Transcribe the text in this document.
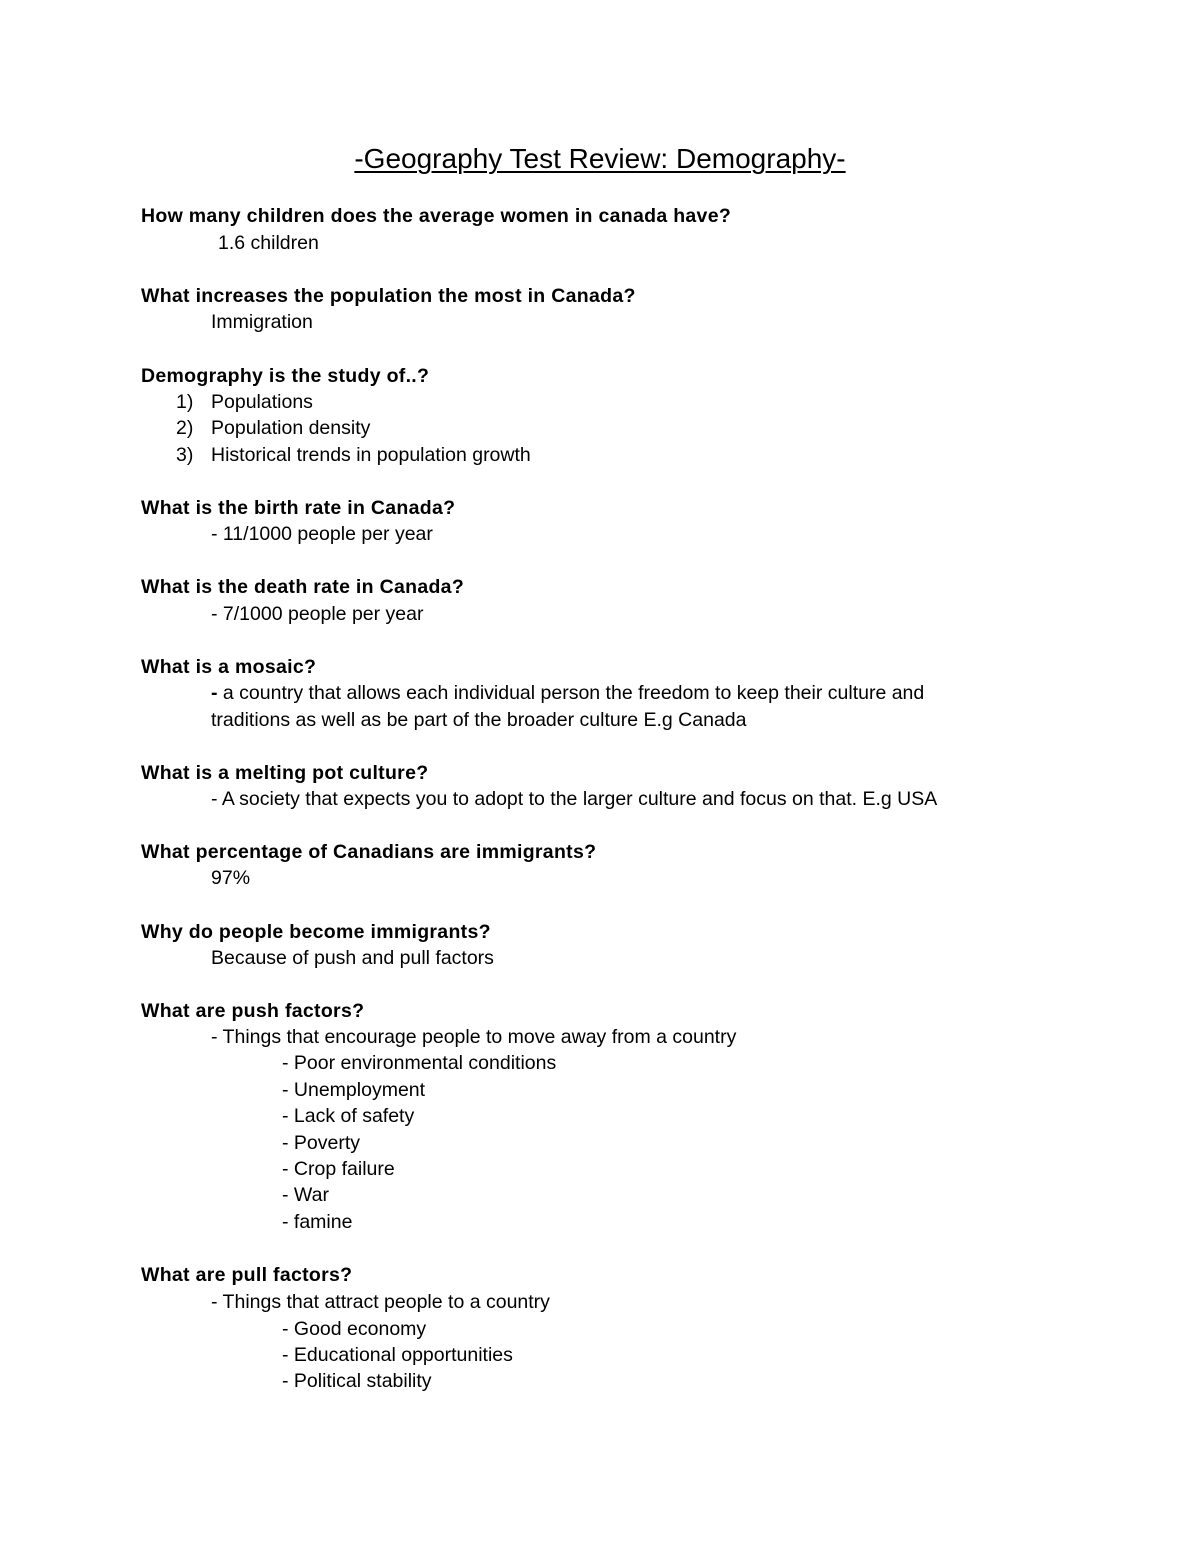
-Geography Test Review: Demography-
How many children does the average women in canada have?
1.6 children
What increases the population the most in Canada?
Immigration
Demography is the study of..?
1) Populations
2) Population density
3) Historical trends in population growth
What is the birth rate in Canada?
- 11/1000 people per year
What is the death rate in Canada?
- 7/1000 people per year
What is a mosaic?
- a country that allows each individual person the freedom to keep their culture and
traditions as well as be part of the broader culture E.g Canada
What is a melting pot culture?
- A society that expects you to adopt to the larger culture and focus on that. E.g USA
What percentage of Canadians are immigrants?
97%
Why do people become immigrants?
Because of push and pull factors
What are push factors?
- Things that encourage people to move away from a country
- Poor environmental conditions
- Unemployment
- Lack of safety
- Poverty
- Crop failure
- War
- famine
What are pull factors?
- Things that attract people to a country
- Good economy
- Educational opportunities
- Political stability
